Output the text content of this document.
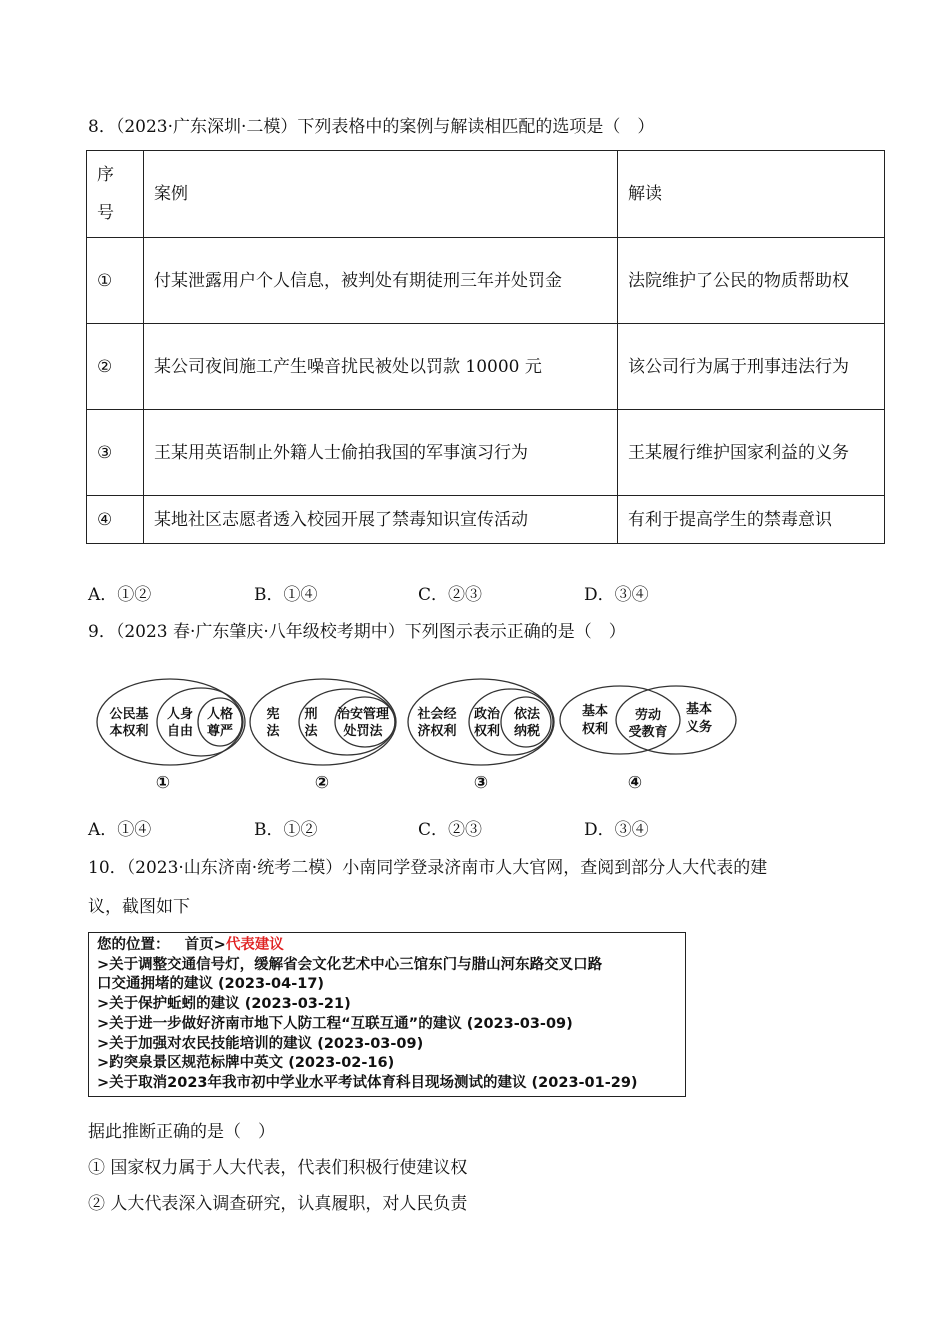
8．（2023·广东深圳·二模）下列表格中的案例与解读相匹配的选项是（　）
序号	案例	解读
①	付某泄露用户个人信息，被判处有期徒刑三年并处罚金	法院维护了公民的物质帮助权
②	某公司夜间施工产生噪音扰民被处以罚款 10000 元	该公司行为属于刑事违法行为
③	王某用英语制止外籍人士偷拍我国的军事演习行为	王某履行维护国家利益的义务
④	某地社区志愿者透入校园开展了禁毒知识宣传活动	有利于提高学生的禁毒意识
A．①②	B．①④	C．②③	D．③④
9．（2023 春·广东肇庆·八年级校考期中）下列图示表示正确的是（　）
公民基
本权利
人身
自由
人格
尊严
宪
法
刑
法
治安管理
处罚法
社会经
济权利
政治
权利
依法
纳税
基本
权利
劳动
受教育
基本
义务
①	②	③	④
A．①④	B．①②	C．②③	D．③④
10．（2023·山东济南·统考二模）小南同学登录济南市人大官网，查阅到部分人大代表的建
议，截图如下
您的位置： 首页>代表建议
>关于调整交通信号灯，缓解省会文化艺术中心三馆东门与腊山河东路交叉口路
口交通拥堵的建议 (2023-04-17)
>关于保护蚯蚓的建议 (2023-03-21)
>关于进一步做好济南市地下人防工程“互联互通”的建议 (2023-03-09)
>关于加强对农民技能培训的建议 (2023-03-09)
>趵突泉景区规范标牌中英文 (2023-02-16)
>关于取消2023年我市初中学业水平考试体育科目现场测试的建议 (2023-01-29)
据此推断正确的是（　）
① 国家权力属于人大代表，代表们积极行使建议权
② 人大代表深入调查研究，认真履职，对人民负责
